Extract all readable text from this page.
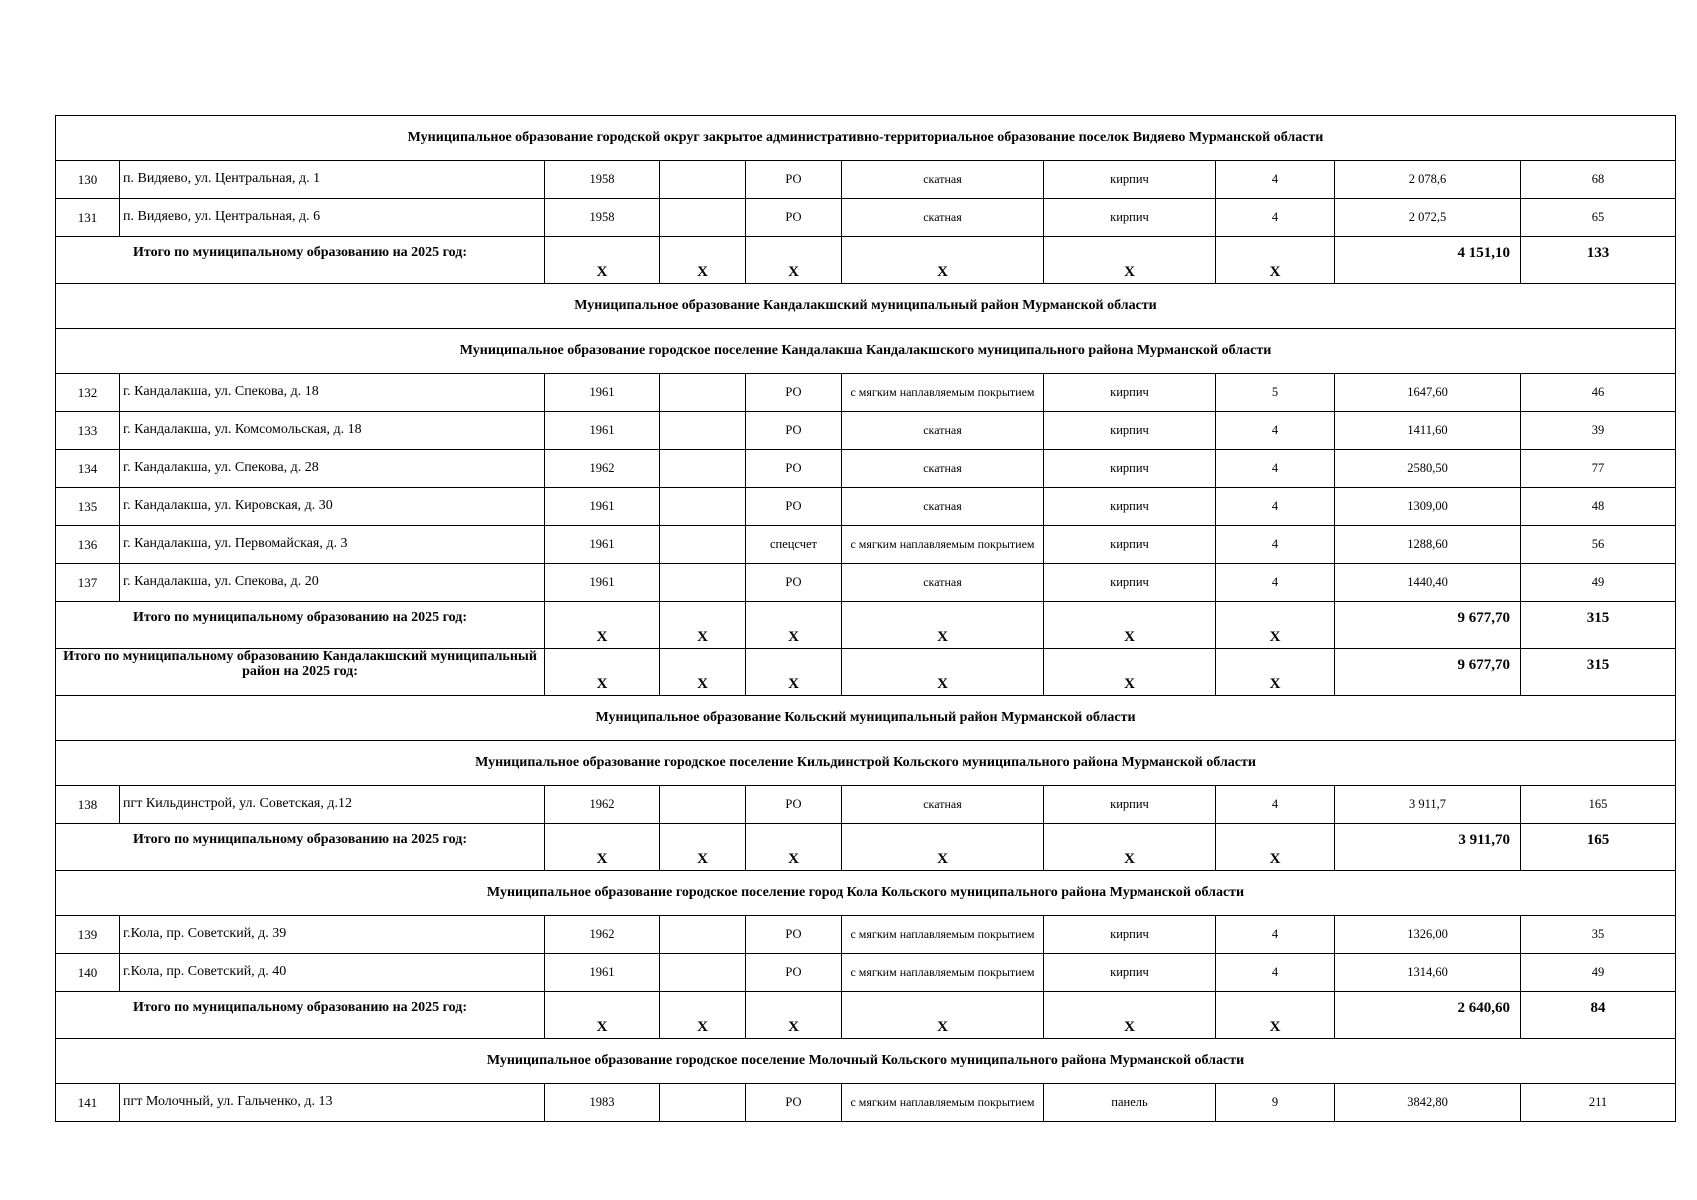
Муниципальное образование городской округ закрытое административно-территориальное образование поселок Видяево Мурманской области									
130	п. Видяево, ул. Центральная, д. 1	1958		РО	скатная	кирпич	4	2 078,6	68
131	п. Видяево, ул. Центральная, д. 6	1958		РО	скатная	кирпич	4	2 072,5	65
Итого по муниципальному образованию на 2025 год:		X	X	X	X	X	X	4 151,10	133
Муниципальное образование Кандалакшский муниципальный район Мурманской области									
Муниципальное образование городское поселение Кандалакша Кандалакшского муниципального района Мурманской области									
132	г. Кандалакша, ул. Спекова, д. 18	1961		РО	с мягким наплавляемым покрытием	кирпич	5	1647,60	46
133	г. Кандалакша, ул. Комсомольская, д. 18	1961		РО	скатная	кирпич	4	1411,60	39
134	г. Кандалакша, ул. Спекова, д. 28	1962		РО	скатная	кирпич	4	2580,50	77
135	г. Кандалакша, ул. Кировская, д. 30	1961		РО	скатная	кирпич	4	1309,00	48
136	г. Кандалакша, ул. Первомайская, д. 3	1961		спецсчет	с мягким наплавляемым покрытием	кирпич	4	1288,60	56
137	г. Кандалакша, ул. Спекова, д. 20	1961		РО	скатная	кирпич	4	1440,40	49
Итого по муниципальному образованию на 2025 год:		X	X	X	X	X	X	9 677,70	315
Итого по муниципальному образованию Кандалакшский муниципальный район на 2025 год:		X	X	X	X	X	X	9 677,70	315
Муниципальное образование Кольский муниципальный район Мурманской области									
Муниципальное образование городское поселение Кильдинстрой Кольского муниципального района Мурманской области									
138	пгт Кильдинстрой, ул. Советская, д.12	1962		РО	скатная	кирпич	4	3 911,7	165
Итого по муниципальному образованию на 2025 год:		X	X	X	X	X	X	3 911,70	165
Муниципальное образование городское поселение город Кола Кольского муниципального района Мурманской области									
139	г.Кола, пр. Советский, д. 39	1962		РО	с мягким наплавляемым покрытием	кирпич	4	1326,00	35
140	г.Кола, пр. Советский, д. 40	1961		РО	с мягким наплавляемым покрытием	кирпич	4	1314,60	49
Итого по муниципальному образованию на 2025 год:		X	X	X	X	X	X	2 640,60	84
Муниципальное образование городское поселение Молочный Кольского муниципального района Мурманской области									
141	пгт Молочный, ул. Гальченко, д. 13	1983		РО	с мягким наплавляемым покрытием	панель	9	3842,80	211
